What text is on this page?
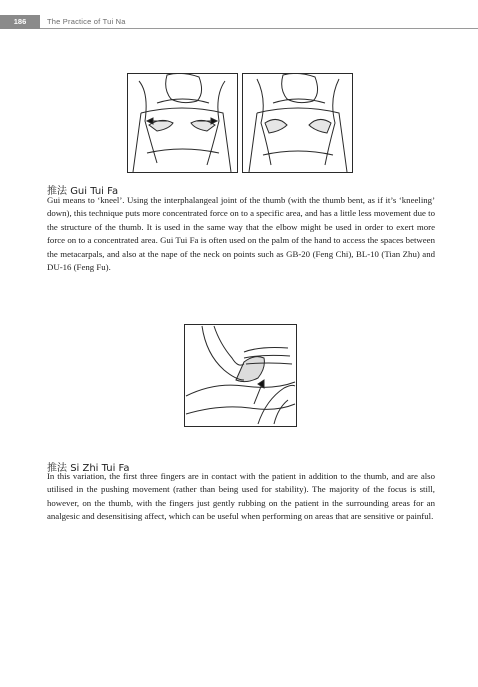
186	The Practice of Tui Na
推法 Gui Tui Fa

Gui means to ‘kneel’. Using the interphalangeal joint of the thumb (with the thumb bent, as if it’s ‘kneeling’ down), this technique puts more concentrated force on to a specific area, and has a little less movement due to the structure of the thumb. It is used in the same way that the elbow might be used in order to exert more force on to a concentrated area. Gui Tui Fa is often used on the palm of the hand to access the spaces between the metacarpals, and also at the nape of the neck on points such as GB-20 (Feng Chi), BL-10 (Tian Zhu) and DU-16 (Feng Fu).

推法 Si Zhi Tui Fa

In this variation, the first three fingers are in contact with the patient in addition to the thumb, and are also utilised in the pushing movement (rather than being used for stability). The majority of the focus is still, however, on the thumb, with the fingers just gently rubbing on the patient in the surrounding areas for an analgesic and desensitising affect, which can be useful when performing on areas that are sensitive or painful.
